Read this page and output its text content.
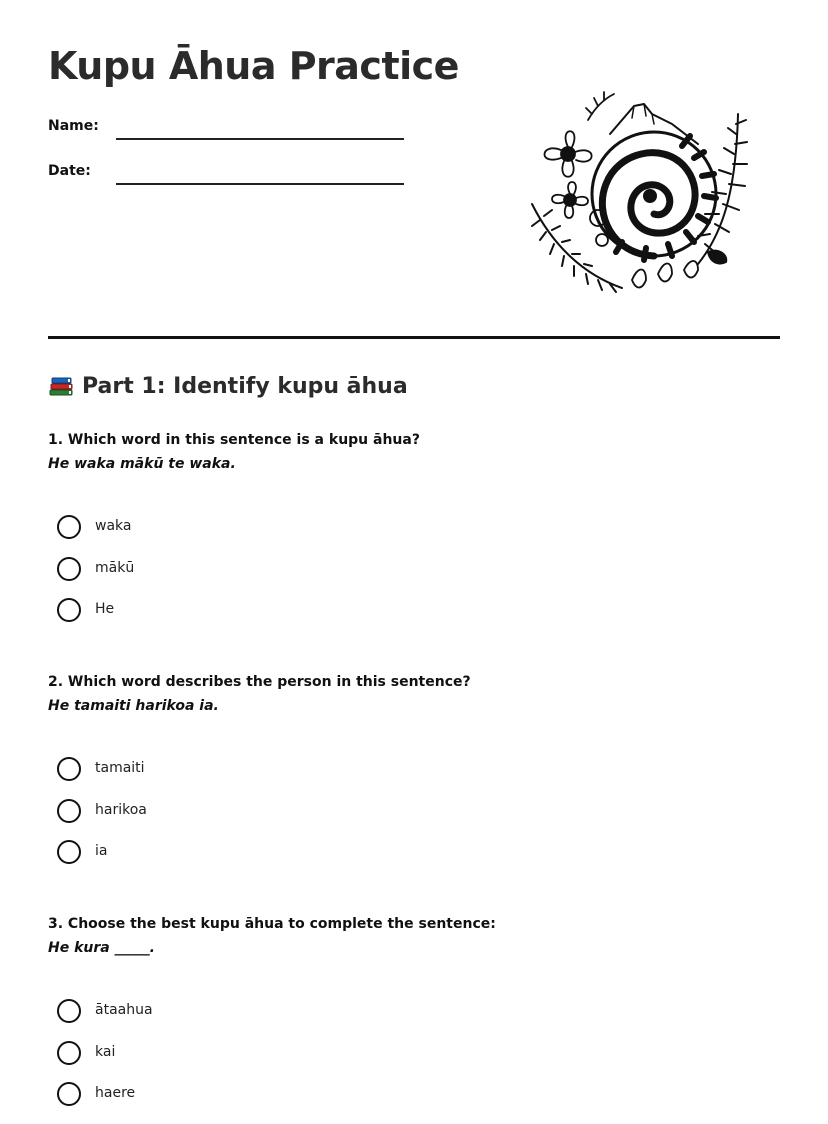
Kupu Āhua Practice
Name:
Date:
Part 1: Identify kupu āhua
1. Which word in this sentence is a kupu āhua?
He waka mākū te waka.
waka
mākū
He
2. Which word describes the person in this sentence?
He tamaiti harikoa ia.
tamaiti
harikoa
ia
3. Choose the best kupu āhua to complete the sentence:
He kura _____.
ātaahua
kai
haere
